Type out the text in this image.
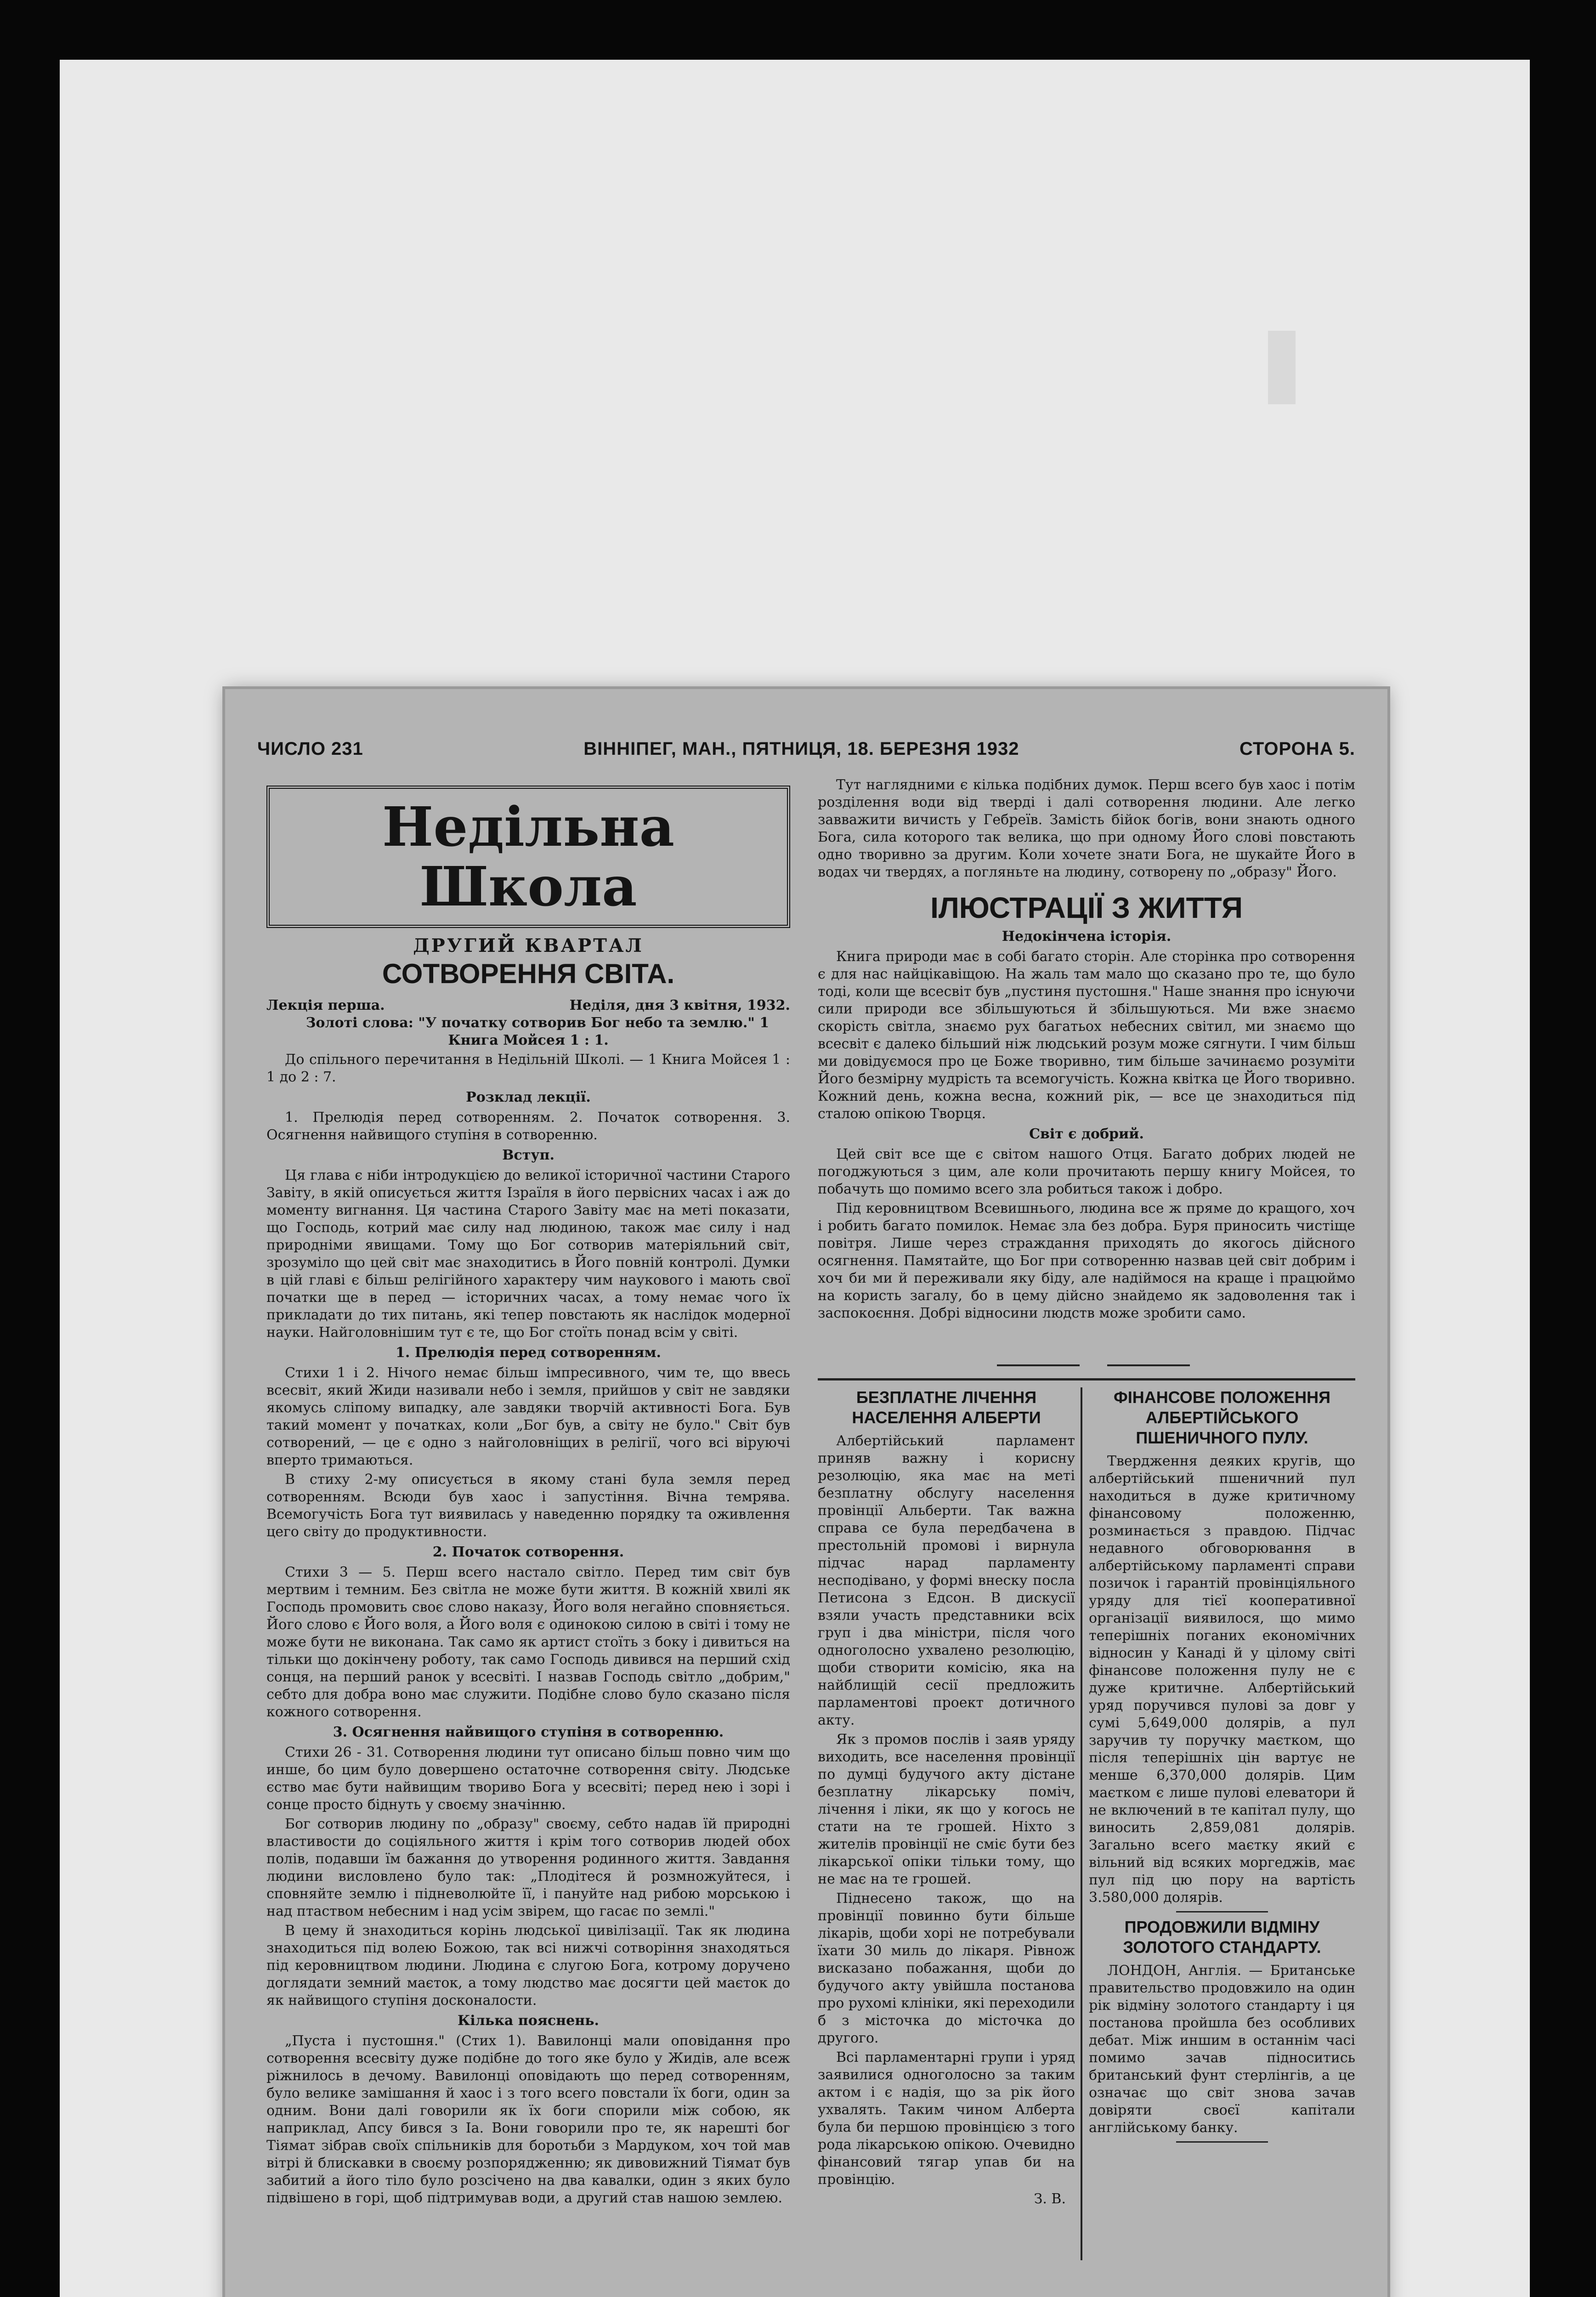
ЧИСЛО 231	ВІННІПЕГ, МАН., ПЯТНИЦЯ, 18. БЕРЕЗНЯ 1932	СТОРОНА 5.
Недільна Школа
ДРУГИЙ КВАРТАЛ
СОТВОРЕННЯ СВІТА.
Лекція перша.	Неділя, дня 3 квітня, 1932.

Золоті слова: "У початку сотворив Бог небо та землю." 1 Книга Мойсея 1 : 1.

До спільного перечитання в Недільній Школі. — 1 Книга Мойсея 1 : 1 до 2 : 7.

Розклад лекції.

1. Прелюдія перед сотворенням. 2. Початок сотворення. 3. Осягнення найвищого ступіня в сотворенню.

Вступ.

Ця глава є ніби інтродукцією до великої історичної частини Старого Завіту, в якій описується життя Ізраїля в його первісних часах і аж до моменту вигнання. Ця частина Старого Завіту має на меті показати, що Господь, котрий має силу над людиною, також має силу і над природніми явищами. Тому що Бог сотворив матеріяльний світ, зрозуміло що цей світ має знаходитись в Його повній контролі. Думки в цій главі є більш релігійного характеру чим наукового і мають свої початки ще в перед — історичних часах, а тому немає чого їх прикладати до тих питань, які тепер повстають як наслідок модерної науки. Найголовнішим тут є те, що Бог стоїть понад всім у світі.

1. Прелюдія перед сотворенням.

Стихи 1 і 2. Нічого немає більш імпресивного, чим те, що ввесь всесвіт, який Жиди називали небо і земля, прийшов у світ не завдяки якомусь сліпому випадку, але завдяки творчій активності Бога. Був такий момент у початках, коли „Бог був, а світу не було." Світ був сотворений, — це є одно з найголовніщих в релігії, чого всі віруючі вперто тримаються.

В стиху 2-му описується в якому стані була земля перед сотворенням. Всюди був хаос і запустіння. Вічна темрява. Всемогучість Бога тут виявилась у наведенню порядку та оживлення цего світу до продуктивности.

2. Початок сотворення.

Стихи 3 — 5. Перш всего настало світло. Перед тим світ був мертвим і темним. Без світла не може бути життя. В кожній хвилі як Господь промовить своє слово наказу, Його воля негайно сповняється. Його слово є Його воля, а Його воля є одинокою силою в світі і тому не може бути не виконана. Так само як артист стоїть з боку і дивиться на тільки що докінчену роботу, так само Господь дивився на перший схід сонця, на перший ранок у всесвіті. І назвав Господь світло „добрим," себто для добра воно має служити. Подібне слово було сказано після кожного сотворення.

3. Осягнення найвищого ступіня в сотворенню.

Стихи 26 - 31. Сотворення людини тут описано більш повно чим що инше, бо цим було довершено остаточне сотворення світу. Людське єство має бути найвищим твориво Бога у всесвіті; перед нею і зорі і сонце просто біднуть у своєму значінню.

Бог сотворив людину по „образу" своєму, себто надав їй природні властивости до соціяльного життя і крім того сотворив людей обох полів, подавши їм бажання до утворення родинного життя. Завдання людини висловлено було так: „Плодітеся й розмножуйтеся, і сповняйте землю і підневолюйте її, і пануйте над рибою морською і над птаством небесним і над усім звірем, що гасає по землі."

В цему й знаходиться корінь людської цивілізації. Так як людина знаходиться під волею Божою, так всі нижчі сотворіння знаходяться під керовництвом людини. Людина є слугою Бога, котрому доручено доглядати земний маєток, а тому людство має досягти цей маєток до як найвищого ступіня досконалости.

Кілька пояснень.

„Пуста і пустошня." (Стих 1). Вавилонці мали оповідання про сотворення всесвіту дуже подібне до того яке було у Жидів, але всеж ріжнилось в дечому. Вавилонці оповідають що перед сотворенням, було велике замішання й хаос і з того всего повстали їх боги, один за одним. Вони далі говорили як їх боги спорили між собою, як наприклад, Апсу бився з Іа. Вони говорили про те, як нарешті бог Тіямат зібрав своїх спільників для боротьби з Мардуком, хоч той мав вітрі й блискавки в своєму розпорядженню; як дивовижний Тіямат був забитий а його тіло було розсічено на два кавалки, один з яких було підвішено в горі, щоб підтримував води, а другий став нашою землею.

Тут наглядними є кілька подібних думок. Перш всего був хаос і потім розділення води від тверді і далі сотворення людини. Але легко завважити вичисть у Гебреїв. Замість бійок богів, вони знають одного Бога, сила которого так велика, що при одному Його слові повстають одно творивно за другим. Коли хочете знати Бога, не шукайте Його в водах чи твердях, а погляньте на людину, сотворену по „образу" Його.

ІЛЮСТРАЦІЇ З ЖИТТЯ
Недокінчена історія.

Книга природи має в собі багато сторін. Але сторінка про сотворення є для нас найцікавіщою. На жаль там мало що сказано про те, що було тоді, коли ще всесвіт був „пустиня пустошня." Наше знання про існуючи сили природи все збільшуються й збільшуються. Ми вже знаємо скорість світла, знаємо рух багатьох небесних світил, ми знаємо що всесвіт є далеко більший ніж людський розум може сягнути. І чим більш ми довідуємося про це Боже творивно, тим більше зачинаємо розуміти Його безмірну мудрість та всемогучість. Кожна квітка це Його творивно. Кожний день, кожна весна, кожний рік, — все це знаходиться під сталою опікою Творця.

Світ є добрий.

Цей світ все ще є світом нашого Отця. Багато добрих людей не погоджуються з цим, але коли прочитають першу книгу Мойсея, то побачуть що помимо всего зла робиться також і добро.

Під керовництвом Всевишнього, людина все ж пряме до кращого, хоч і робить багато помилок. Немає зла без добра. Буря приносить чистіще повітря. Лише через страждання приходять до якогось дійсного осягнення. Памятайте, що Бог при сотворенню назвав цей світ добрим і хоч би ми й переживали яку біду, але надіймося на краще і працюймо на користь загалу, бо в цему дійсно знайдемо як задоволення так і заспокоєння. Добрі відносини людств може зробити само.

БЕЗПЛАТНЕ ЛІЧЕННЯ НАСЕЛЕННЯ АЛБЕРТИ

Албертійський парламент приняв важну і корисну резолюцію, яка має на меті безплатну обслугу населення провінції Альберти. Так важна справа се була передбачена в престольній промові і вирнула підчас нарад парламенту несподівано, у формі внеску посла Петисона з Едсон. В дискусії взяли участь представники всіх груп і два міністри, після чого одноголосно ухвалено резолюцію, щоби створити комісію, яка на найблищій сесії предложить парламентові проект дотичного акту.

Як з промов послів і заяв уряду виходить, все населення провінції по думці будучого акту дістане безплатну лікарську поміч, лічення і ліки, як що у когось не стати на те грошей. Ніхто з жителів провінції не сміє бути без лікарської опіки тільки тому, що не має на те грошей.

Піднесено також, що на провінції повинно бути більше лікарів, щоби хорі не потребували їхати 30 миль до лікаря. Рівнож висказано побажання, щоби до будучого акту увійшла постанова про рухомі клініки, які переходили б з місточка до місточка до другого.

Всі парламентарні групи і уряд заявилися одноголосно за таким актом і є надія, що за рік його ухвалять. Таким чином Алберта була би першою провінцією з того рода лікарською опікою. Очевидно фінансовий тягар упав би на провінцію.

З. В.
ФІНАНСОВЕ ПОЛОЖЕННЯ АЛБЕРТІЙСЬКОГО ПШЕНИЧНОГО ПУЛУ.

Твердження деяких кругів, що албертійський пшеничний пул находиться в дуже критичному фінансовому положенню, розминається з правдою. Підчас недавного обговорювання в албертійському парламенті справи позичок і гарантій провінціяльного уряду для тієї кооперативної організації виявилося, що мимо теперішніх поганих економічних відносин у Канаді й у цілому світі фінансове положення пулу не є дуже критичне. Албертійський уряд поручився пулові за довг у сумі 5,649,000 долярів, а пул заручив ту поручку маєтком, що після теперішніх цін вартує не менше 6,370,000 долярів. Цим маєтком є лише пулові елеватори й не включений в те капітал пулу, що виносить 2,859,081 долярів. Загально всего маєтку який є вільний від всяких моргеджів, має пул під цю пору на вартість 3.580,000 долярів.

ПРОДОВЖИЛИ ВІДМІНУ ЗОЛОТОГО СТАНДАРТУ.

ЛОНДОН, Англія. — Британське правительство продовжило на один рік відміну золотого стандарту і ця постанова пройшла без особливих дебат. Між иншим в останнім часі помимо зачав підноситись британський фунт стерлінгів, а це означає що світ знова зачав довіряти своєї капітали англійському банку.
